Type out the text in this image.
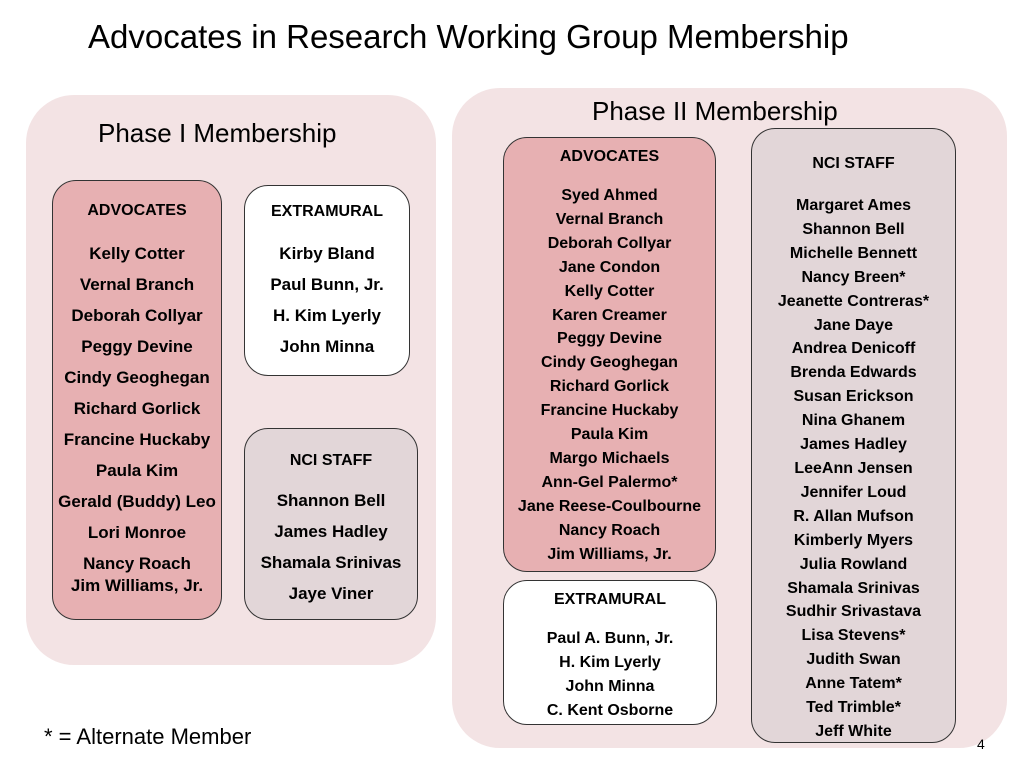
Advocates in Research Working Group Membership
Phase I Membership
ADVOCATES
Kelly Cotter
Vernal Branch
Deborah Collyar
Peggy Devine
Cindy Geoghegan
Richard Gorlick
Francine Huckaby
Paula Kim
Gerald (Buddy) Leo
Lori Monroe
Nancy Roach
Jim Williams, Jr.
EXTRAMURAL
Kirby Bland
Paul Bunn, Jr.
H. Kim Lyerly
John Minna
NCI STAFF
Shannon Bell
James Hadley
Shamala Srinivas
Jaye Viner
Phase II Membership
ADVOCATES
Syed Ahmed
Vernal Branch
Deborah Collyar
Jane Condon
Kelly Cotter
Karen Creamer
Peggy Devine
Cindy Geoghegan
Richard Gorlick
Francine Huckaby
Paula Kim
Margo Michaels
Ann-Gel Palermo*
Jane Reese-Coulbourne
Nancy Roach
Jim Williams, Jr.
EXTRAMURAL
Paul A. Bunn, Jr.
H. Kim Lyerly
John Minna
C. Kent Osborne
NCI STAFF
Margaret Ames
Shannon Bell
Michelle Bennett
Nancy Breen*
Jeanette Contreras*
Jane Daye
Andrea Denicoff
Brenda Edwards
Susan Erickson
Nina Ghanem
James Hadley
LeeAnn Jensen
Jennifer Loud
R. Allan Mufson
Kimberly Myers
Julia Rowland
Shamala Srinivas
Sudhir Srivastava
Lisa Stevens*
Judith Swan
Anne Tatem*
Ted Trimble*
Jeff White
* = Alternate Member	4
